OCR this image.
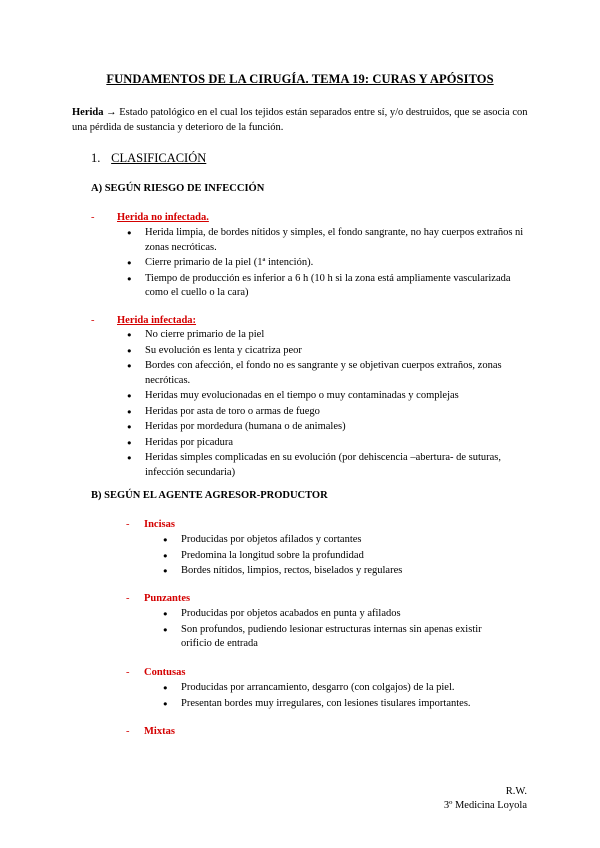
FUNDAMENTOS DE LA CIRUGÍA. TEMA 19: CURAS Y APÓSITOS
Herida → Estado patológico en el cual los tejidos están separados entre sí, y/o destruidos, que se asocia con una pérdida de sustancia y deterioro de la función.
1. CLASIFICACIÓN
A) SEGÚN RIESGO DE INFECCIÓN
- Herida no infectada.
● Herida limpia, de bordes nítidos y simples, el fondo sangrante, no hay cuerpos extraños ni zonas necróticas.
● Cierre primario de la piel (1ª intención).
● Tiempo de producción es inferior a 6 h (10 h si la zona está ampliamente vascularizada como el cuello o la cara)
- Herida infectada:
● No cierre primario de la piel
● Su evolución es lenta y cicatriza peor
● Bordes con afección, el fondo no es sangrante y se objetivan cuerpos extraños, zonas necróticas.
● Heridas muy evolucionadas en el tiempo o muy contaminadas y complejas
● Heridas por asta de toro o armas de fuego
● Heridas por mordedura (humana o de animales)
● Heridas por picadura
● Heridas simples complicadas en su evolución (por dehiscencia –abertura- de suturas, infección secundaria)
B) SEGÚN EL AGENTE AGRESOR-PRODUCTOR
- Incisas
● Producidas por objetos afilados y cortantes
● Predomina la longitud sobre la profundidad
● Bordes nítidos, limpios, rectos, biselados y regulares
- Punzantes
● Producidas por objetos acabados en punta y afilados
● Son profundos, pudiendo lesionar estructuras internas sin apenas existir orificio de entrada
- Contusas
● Producidas por arrancamiento, desgarro (con colgajos) de la piel.
● Presentan bordes muy irregulares, con lesiones tisulares importantes.
- Mixtas
R.W.
3º Medicina Loyola
